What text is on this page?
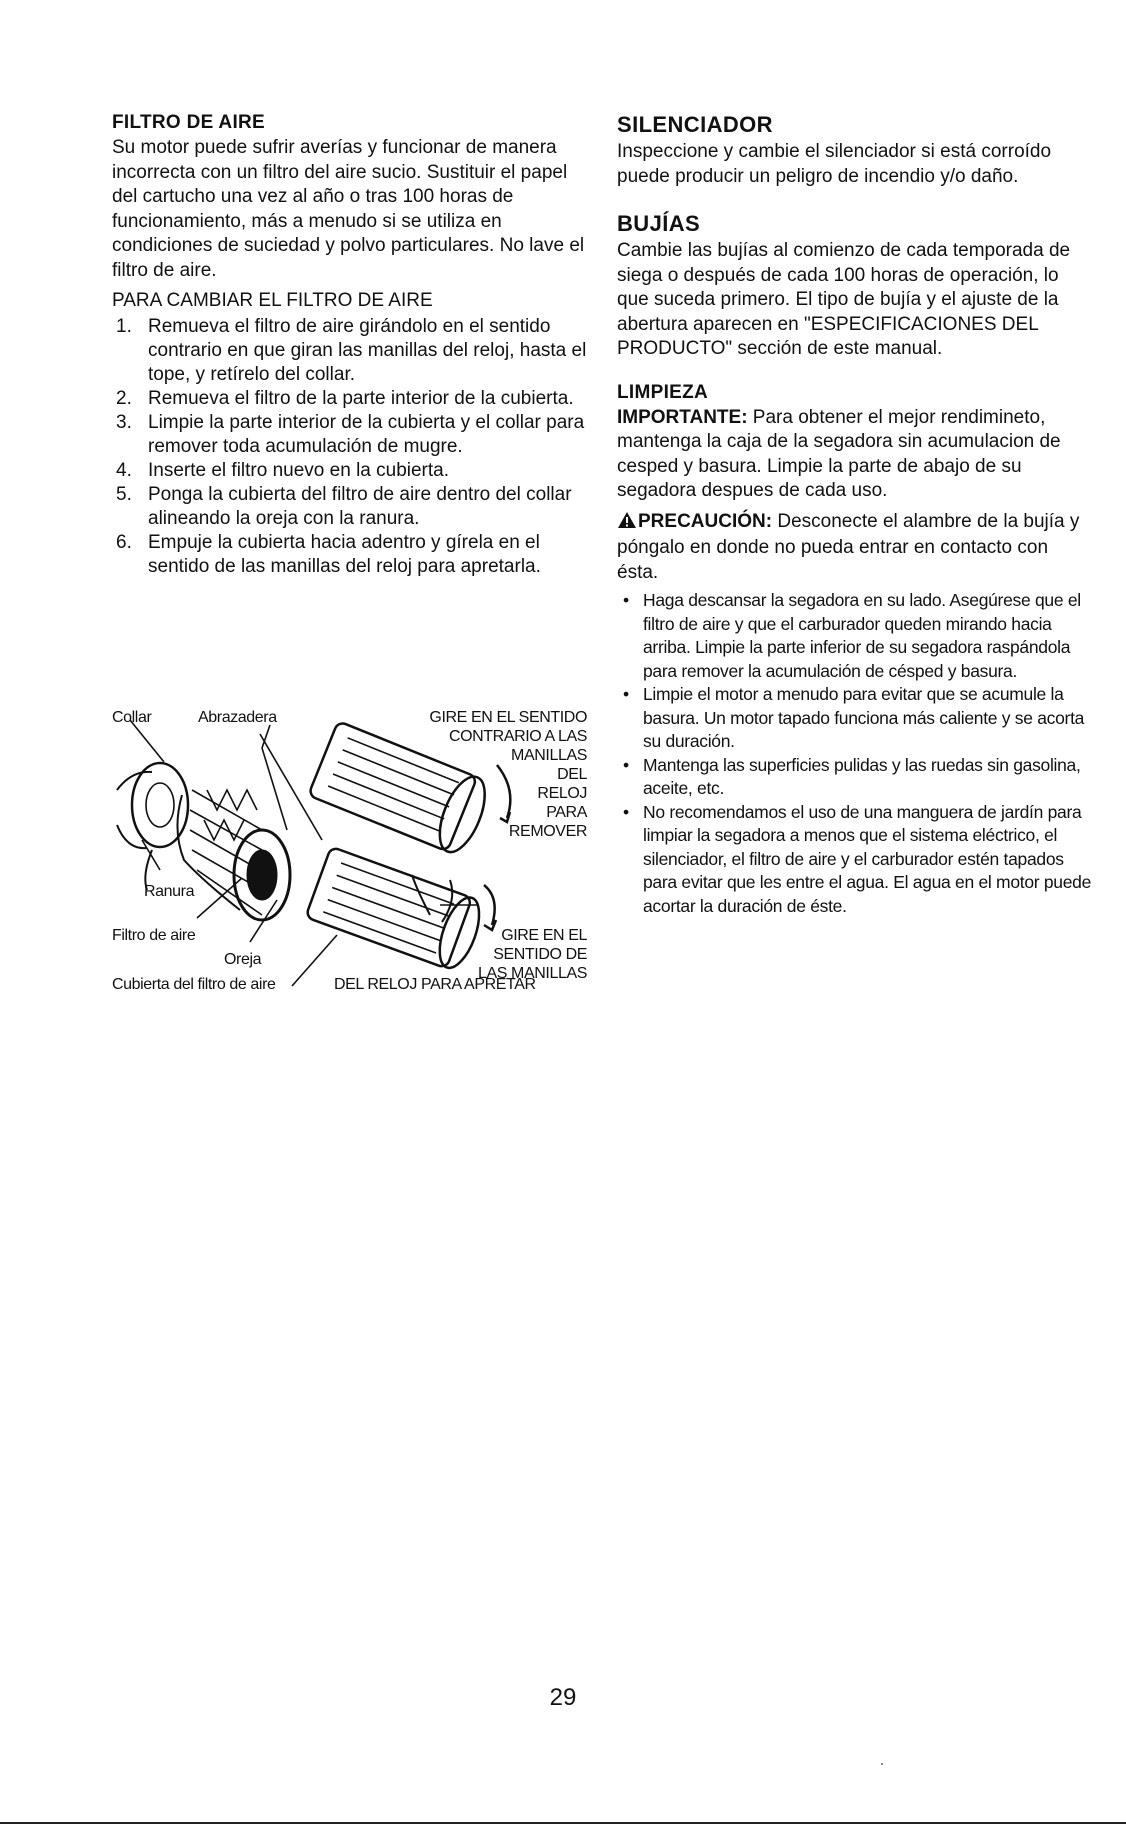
FILTRO DE AIRE

Su motor puede sufrir averías y funcionar de manera incorrecta con un filtro del aire sucio. Sustituir el papel del cartucho una vez al año o tras 100 horas de funcionamiento, más a menudo si se utiliza en condiciones de suciedad y polvo particulares. No lave el filtro de aire.

PARA CAMBIAR EL FILTRO DE AIRE
1. Remueva el filtro de aire girándolo en el sentido contrario en que giran las manillas del reloj, hasta el tope, y retírelo del collar.
2. Remueva el filtro de la parte interior de la cubierta.
3. Limpie la parte interior de la cubierta y el collar para remover toda acumulación de mugre.
4. Inserte el filtro nuevo en la cubierta.
5. Ponga la cubierta del filtro de aire dentro del collar alineando la oreja con la ranura.
6. Empuje la cubierta hacia adentro y gírela en el sentido de las manillas del reloj para apretarla.
Collar	Abrazadera	GIRE EN EL SENTIDO
CONTRARIO A LAS
MANILLAS
DEL
RELOJ
PARA
REMOVER
Ranura
Filtro de aire
Oreja
Cubierta del filtro de aire
GIRE EN EL
SENTIDO DE
LAS MANILLAS
DEL RELOJ PARA APRETAR
SILENCIADOR

Inspeccione y cambie el silenciador si está corroído puede producir un peligro de incendio y/o daño.

BUJÍAS

Cambie las bujías al comienzo de cada temporada de siega o después de cada 100 horas de operación, lo que suceda primero. El tipo de bujía y el ajuste de la abertura aparecen en "ESPECIFICACIONES DEL PRODUCTO" sección de este manual.

LIMPIEZA

IMPORTANTE: Para obtener el mejor rendimineto, mantenga la caja de la segadora sin acumulacion de cesped y basura. Limpie la parte de abajo de su segadora despues de cada uso.

PRECAUCIÓN: Desconecte el alambre de la bujía y póngalo en donde no pueda entrar en contacto con ésta.

• Haga descansar la segadora en su lado. Asegúrese que el filtro de aire y que el carburador queden mirando hacia arriba. Limpie la parte inferior de su segadora raspándola para remover la acumulación de césped y basura.
• Limpie el motor a menudo para evitar que se acumule la basura. Un motor tapado funciona más caliente y se acorta su duración.
• Mantenga las superficies pulidas y las ruedas sin gasolina, aceite, etc.
• No recomendamos el uso de una manguera de jardín para limpiar la segadora a menos que el sistema eléctrico, el silenciador, el filtro de aire y el carburador estén tapados para evitar que les entre el agua. El agua en el motor puede acortar la duración de éste.
29
